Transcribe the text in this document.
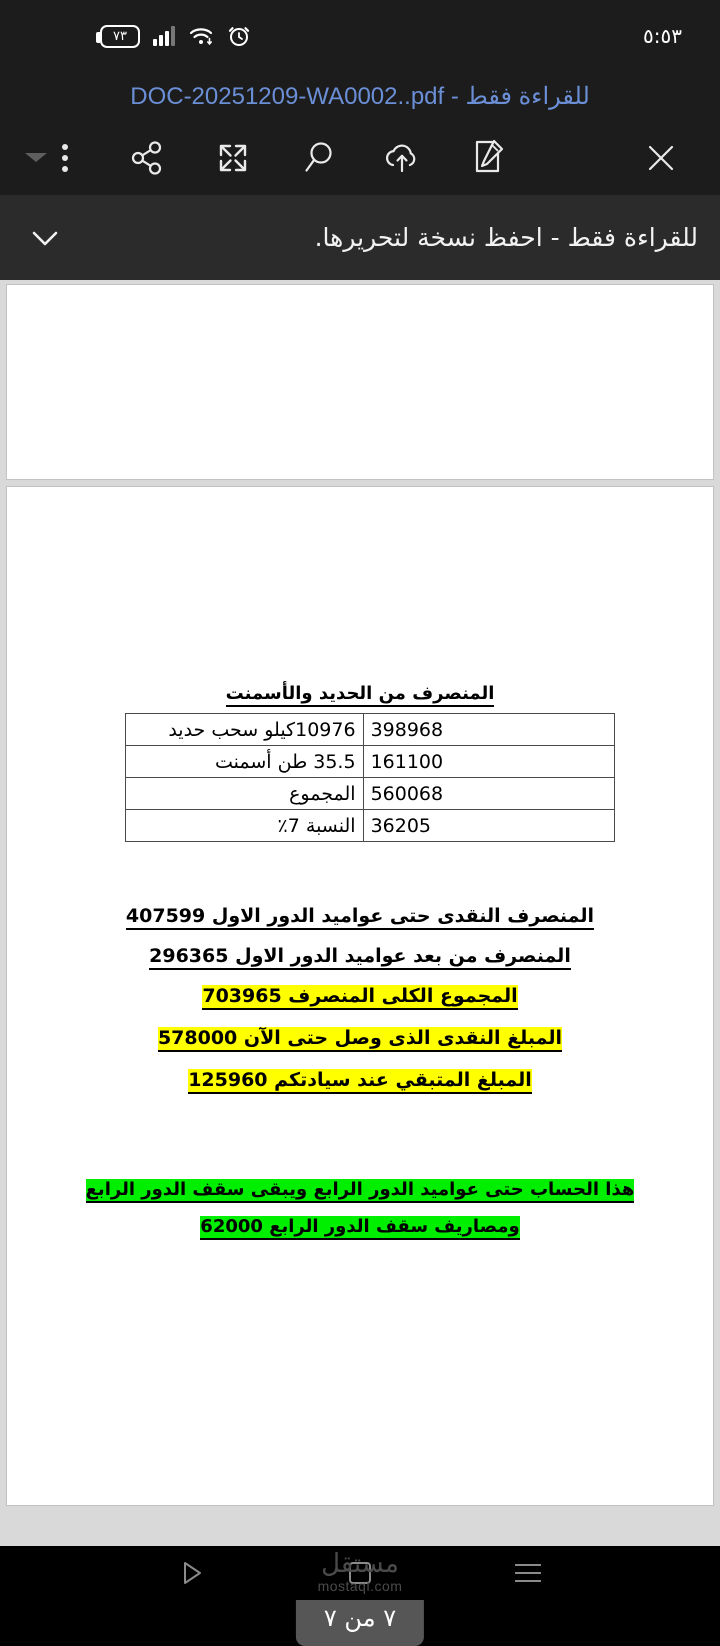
٧٣	٥:٥٣
DOC-20251209-WA0002..pdf - للقراءة فقط
للقراءة فقط - احفظ نسخة لتحريرها.
المنصرف من الحديد والأسمنت
398968	10976كيلو سحب حديد
161100	35.5 طن أسمنت
560068	المجموع
36205	النسبة 7٪
المنصرف النقدى حتى عواميد الدور الاول 407599
المنصرف من بعد عواميد الدور الاول 296365
المجموع الكلى المنصرف 703965
المبلغ النقدى الذى وصل حتى الآن 578000
المبلغ المتبقي عند سيادتكم 125960
هذا الحساب حتى عواميد الدور الرابع ويبقى سقف الدور الرابع
ومصاريف سقف الدور الرابع 62000
٧ من ٧
مستقل
mostaql.com
